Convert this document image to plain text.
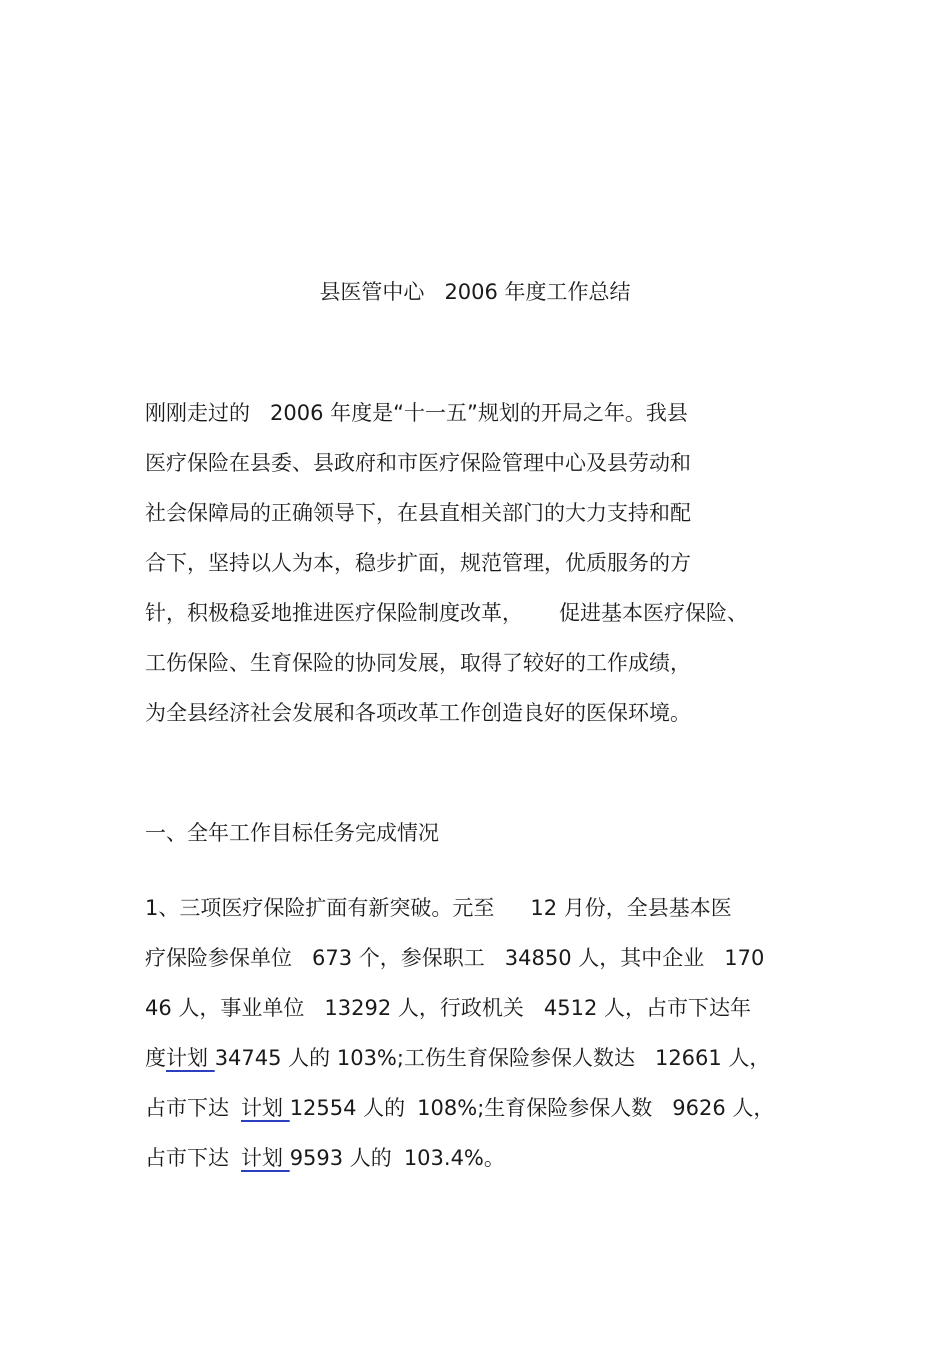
县医管中心 2006 年度工作总结
刚刚走过的 2006 年度是“十一五”规划的开局之年。我县
医疗保险在县委、县政府和市医疗保险管理中心及县劳动和
社会保障局的正确领导下，在县直相关部门的大力支持和配
合下，坚持以人为本，稳步扩面，规范管理，优质服务的方
针，积极稳妥地推进医疗保险制度改革， 促进基本医疗保险、
工伤保险、生育保险的协同发展，取得了较好的工作成绩，
为全县经济社会发展和各项改革工作创造良好的医保环境。
一、全年工作目标任务完成情况
1、三项医疗保险扩面有新突破。元至 12 月份，全县基本医
疗保险参保单位 673 个，参保职工 34850 人，其中企业 170
46 人，事业单位 13292 人，行政机关 4512 人，占市下达年
度计划 34745 人的 103%;工伤生育保险参保人数达 12661 人，
占市下达 计划 12554 人的 108%;生育保险参保人数 9626 人，
占市下达 计划 9593 人的 103.4%。
